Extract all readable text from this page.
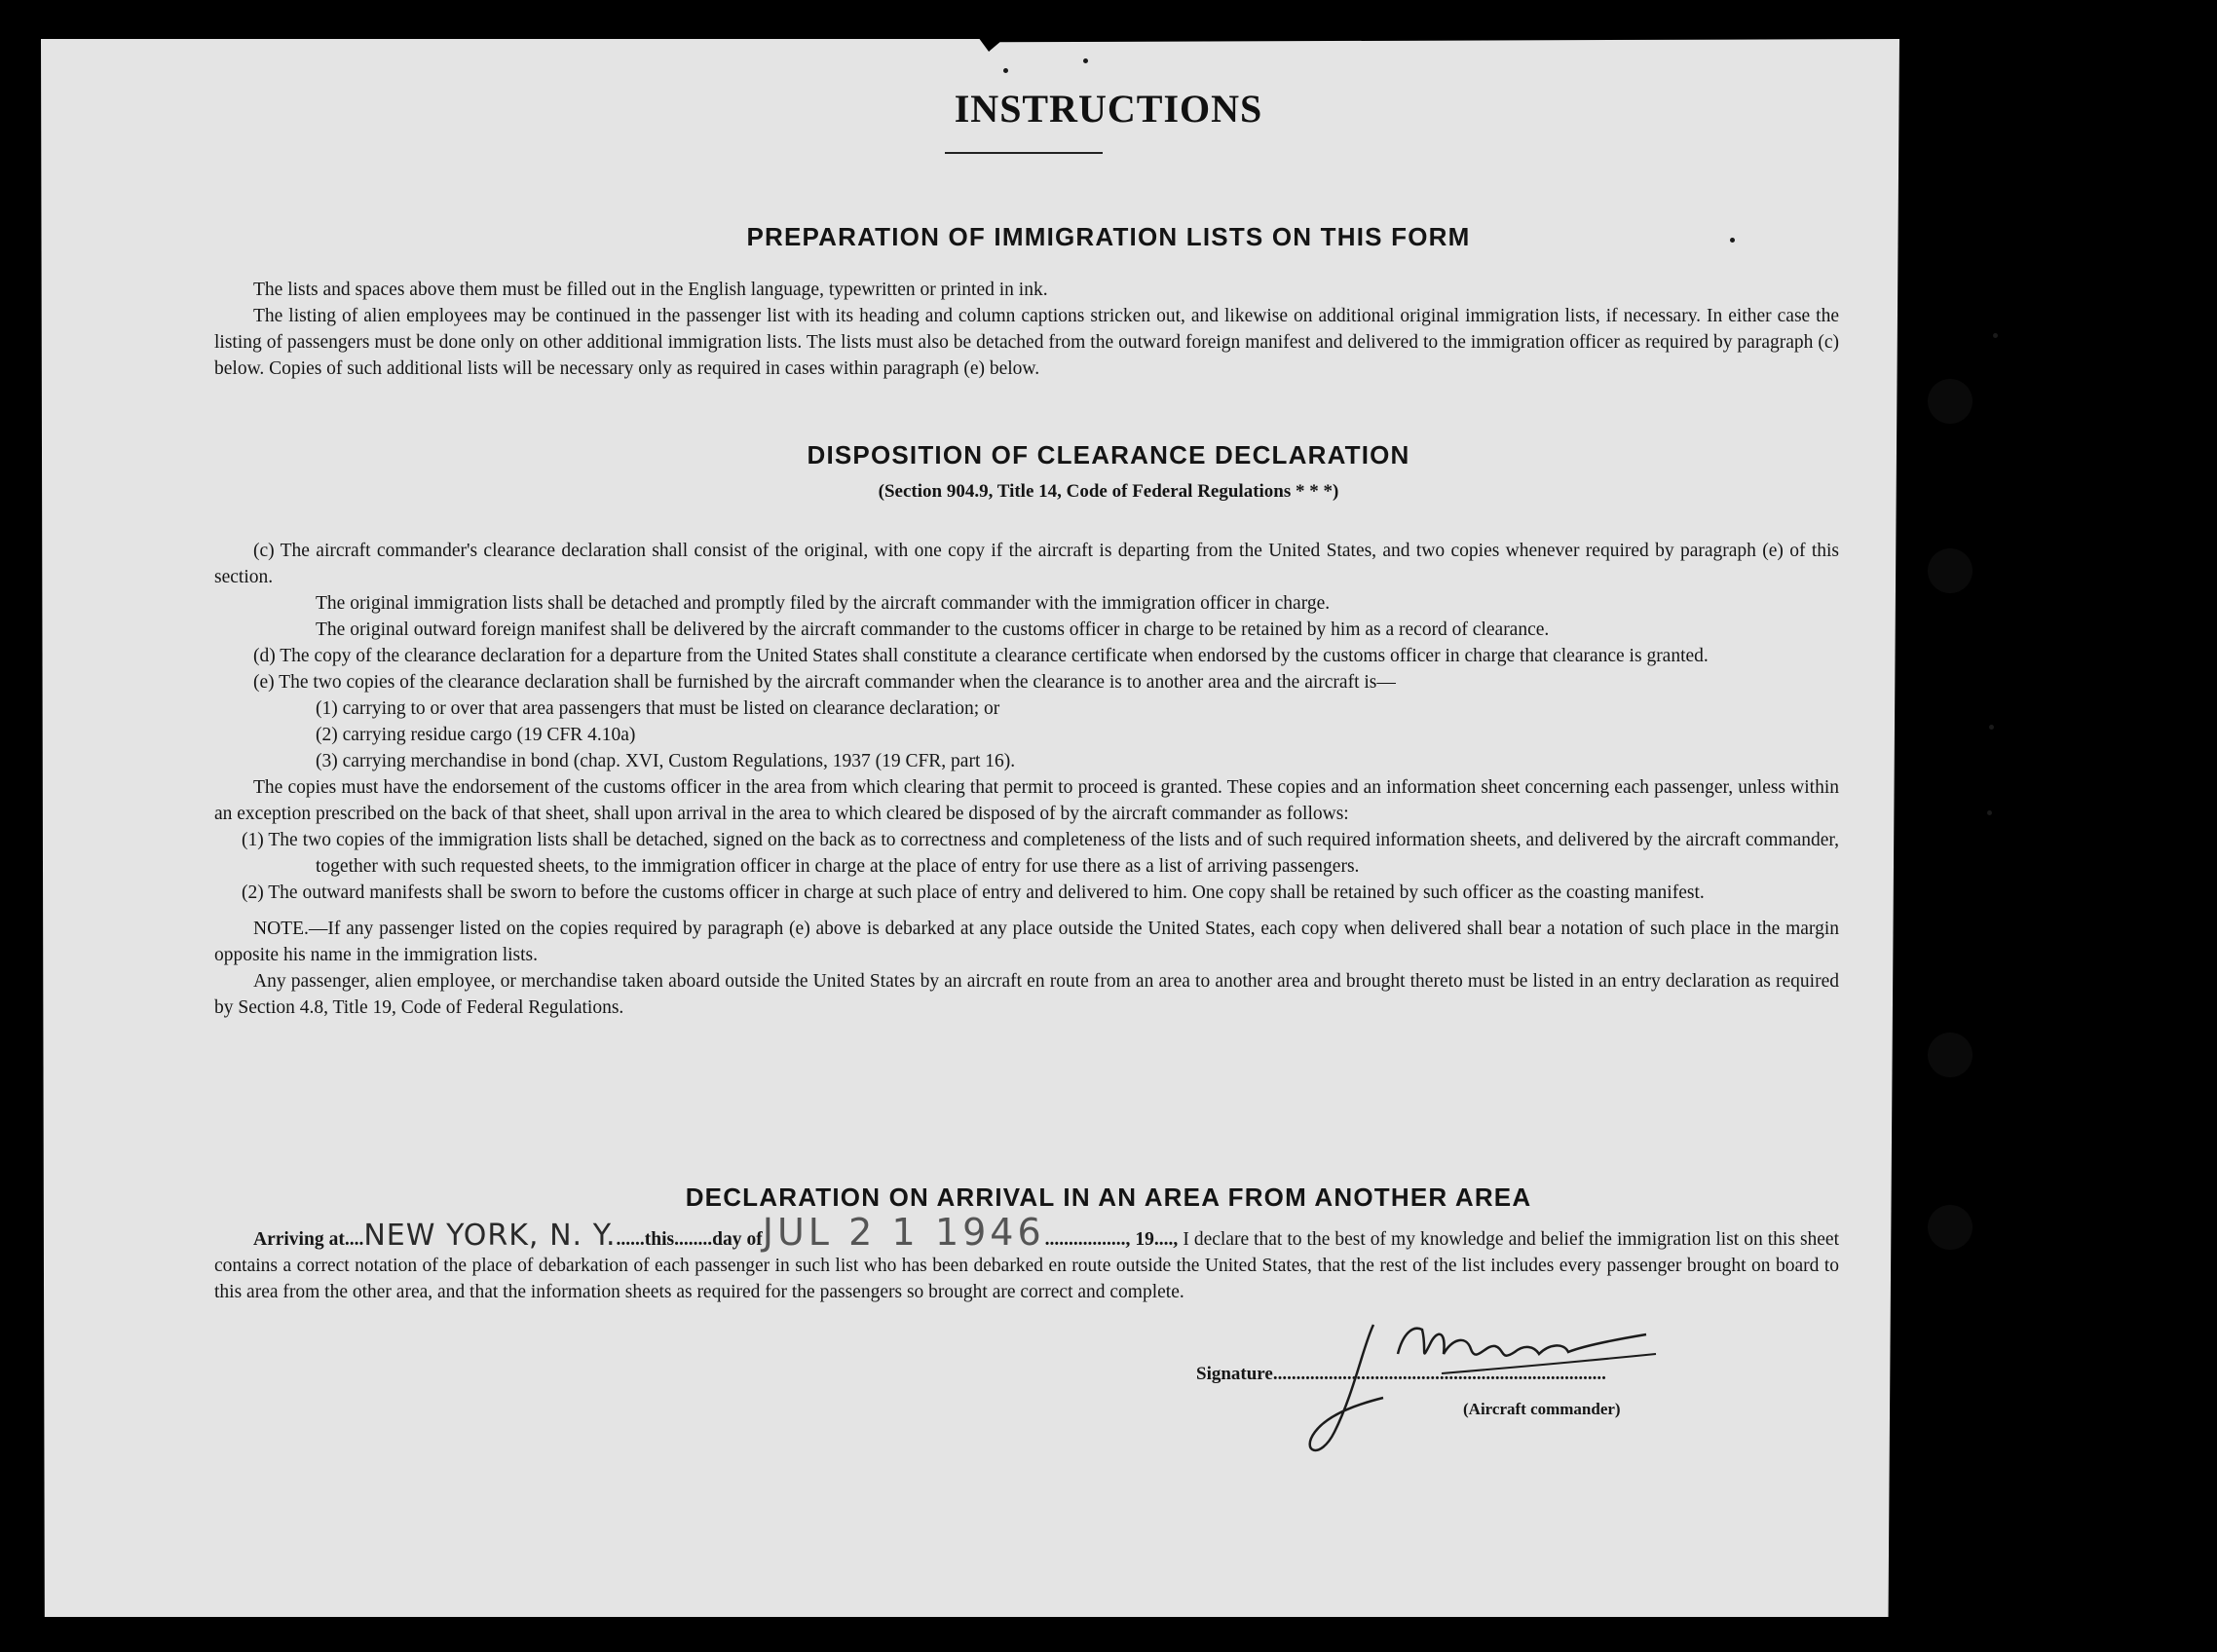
INSTRUCTIONS
PREPARATION OF IMMIGRATION LISTS ON THIS FORM

The lists and spaces above them must be filled out in the English language, typewritten or printed in ink.

The listing of alien employees may be continued in the passenger list with its heading and column captions stricken out, and likewise on additional original immigration lists, if necessary. In either case the listing of passengers must be done only on other additional immigration lists. The lists must also be detached from the outward foreign manifest and delivered to the immigration officer as required by paragraph (c) below. Copies of such additional lists will be necessary only as required in cases within paragraph (e) below.

DISPOSITION OF CLEARANCE DECLARATION
(Section 904.9, Title 14, Code of Federal Regulations * * *)

(c) The aircraft commander's clearance declaration shall consist of the original, with one copy if the aircraft is departing from the United States, and two copies whenever required by paragraph (e) of this section.

The original immigration lists shall be detached and promptly filed by the aircraft commander with the immigration officer in charge.

The original outward foreign manifest shall be delivered by the aircraft commander to the customs officer in charge to be retained by him as a record of clearance.

(d) The copy of the clearance declaration for a departure from the United States shall constitute a clearance certificate when endorsed by the customs officer in charge that clearance is granted.

(e) The two copies of the clearance declaration shall be furnished by the aircraft commander when the clearance is to another area and the aircraft is—

(1) carrying to or over that area passengers that must be listed on clearance declaration; or

(2) carrying residue cargo (19 CFR 4.10a)

(3) carrying merchandise in bond (chap. XVI, Custom Regulations, 1937 (19 CFR, part 16).

The copies must have the endorsement of the customs officer in the area from which clearing that permit to proceed is granted. These copies and an information sheet concerning each passenger, unless within an exception prescribed on the back of that sheet, shall upon arrival in the area to which cleared be disposed of by the aircraft commander as follows:

(1) The two copies of the immigration lists shall be detached, signed on the back as to correctness and completeness of the lists and of such required information sheets, and delivered by the aircraft commander, together with such requested sheets, to the immigration officer in charge at the place of entry for use there as a list of arriving passengers.

(2) The outward manifests shall be sworn to before the customs officer in charge at such place of entry and delivered to him. One copy shall be retained by such officer as the coasting manifest.

NOTE.—If any passenger listed on the copies required by paragraph (e) above is debarked at any place outside the United States, each copy when delivered shall bear a notation of such place in the margin opposite his name in the immigration lists.

Any passenger, alien employee, or merchandise taken aboard outside the United States by an aircraft en route from an area to another area and brought thereto must be listed in an entry declaration as required by Section 4.8, Title 19, Code of Federal Regulations.

DECLARATION ON ARRIVAL IN AN AREA FROM ANOTHER AREA
Arriving at....NEW YORK, N. Y.......this........day ofJUL 2 1 1946................., 19...., I declare that to the best of my knowledge and belief the immigration list on this sheet contains a correct notation of the place of debarkation of each passenger in such list who has been debarked en route outside the United States, that the rest of the list includes every passenger brought on board to this area from the other area, and that the information sheets as required for the passengers so brought are correct and complete.
Signature........................................................................
(Aircraft commander)
